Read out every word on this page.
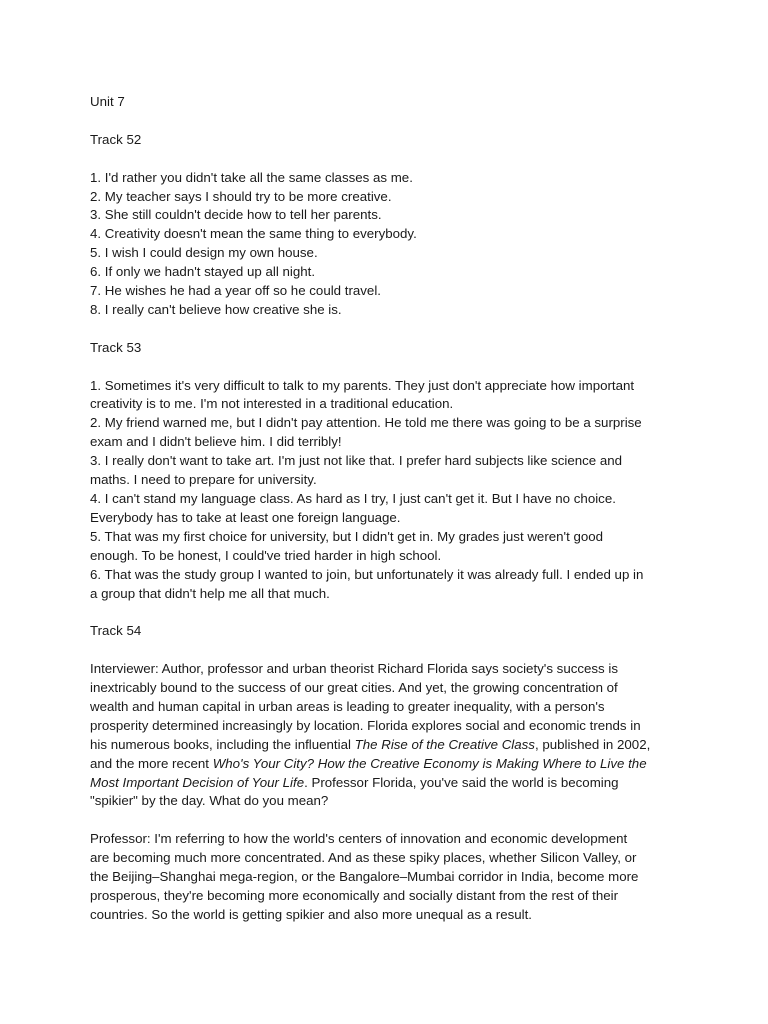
Unit 7
Track 52
1. I'd rather you didn't take all the same classes as me.
2. My teacher says I should try to be more creative.
3. She still couldn't decide how to tell her parents.
4. Creativity doesn't mean the same thing to everybody.
5. I wish I could design my own house.
6. If only we hadn't stayed up all night.
7. He wishes he had a year off so he could travel.
8. I really can't believe how creative she is.
Track 53
1. Sometimes it's very difficult to talk to my parents. They just don't appreciate how important
creativity is to me. I'm not interested in a traditional education.
2. My friend warned me, but I didn't pay attention. He told me there was going to be a surprise
exam and I didn't believe him. I did terribly!
3. I really don't want to take art. I'm just not like that. I prefer hard subjects like science and
maths. I need to prepare for university.
4. I can't stand my language class. As hard as I try, I just can't get it. But I have no choice.
Everybody has to take at least one foreign language.
5. That was my first choice for university, but I didn't get in. My grades just weren't good
enough. To be honest, I could've tried harder in high school.
6. That was the study group I wanted to join, but unfortunately it was already full. I ended up in
a group that didn't help me all that much.
Track 54
Interviewer: Author, professor and urban theorist Richard Florida says society's success is
inextricably bound to the success of our great cities. And yet, the growing concentration of
wealth and human capital in urban areas is leading to greater inequality, with a person's
prosperity determined increasingly by location. Florida explores social and economic trends in
his numerous books, including the influential The Rise of the Creative Class, published in 2002,
and the more recent Who's Your City? How the Creative Economy is Making Where to Live the
Most Important Decision of Your Life. Professor Florida, you've said the world is becoming
"spikier" by the day. What do you mean?
Professor: I'm referring to how the world's centers of innovation and economic development
are becoming much more concentrated. And as these spiky places, whether Silicon Valley, or
the Beijing–Shanghai mega-region, or the Bangalore–Mumbai corridor in India, become more
prosperous, they're becoming more economically and socially distant from the rest of their
countries. So the world is getting spikier and also more unequal as a result.
